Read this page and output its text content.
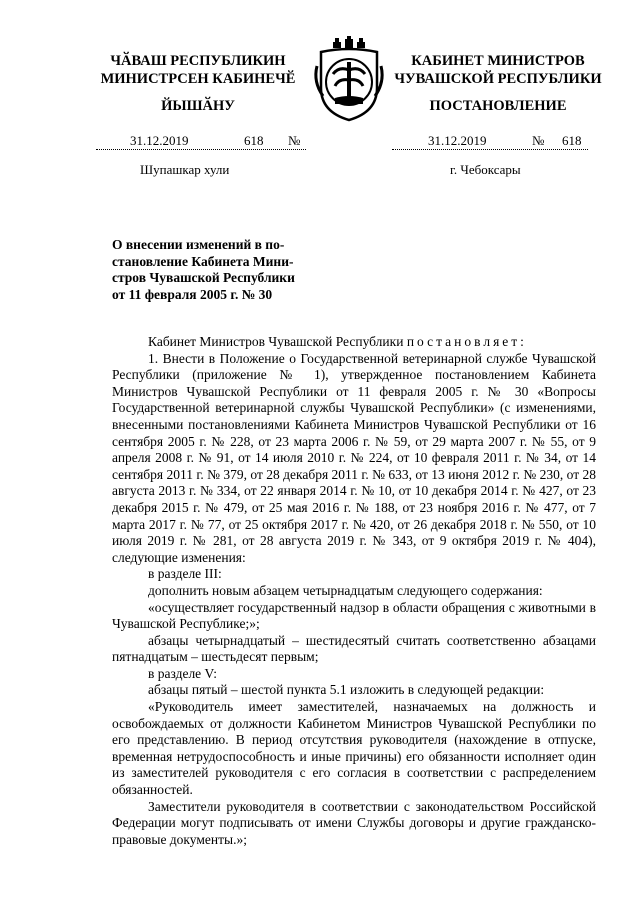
ЧӐВАШ РЕСПУБЛИКИН
МИНИСТРСЕН КАБИНЕЧӖ
ЙЫШӐНУ
КАБИНЕТ МИНИСТРОВ
ЧУВАШСКОЙ РЕСПУБЛИКИ
ПОСТАНОВЛЕНИЕ
31.12.2019	618 №	31.12.2019	№ 618
Шупашкар хули	г. Чебоксары
О внесении изменений в по-
становление Кабинета Мини-
стров Чувашской Республики
от 11 февраля 2005 г. № 30

Кабинет Министров Чувашской Республики постановляет:

1. Внести в Положение о Государственной ветеринарной службе Чувашской Республики (приложение № 1), утвержденное постановлением Кабинета Министров Чувашской Республики от 11 февраля 2005 г. № 30 «Вопросы Государственной ветеринарной службы Чувашской Республики» (с изменениями, внесенными постановлениями Кабинета Министров Чувашской Республики от 16 сентября 2005 г. № 228, от 23 марта 2006 г. № 59, от 29 марта 2007 г. № 55, от 9 апреля 2008 г. № 91, от 14 июля 2010 г. № 224, от 10 февраля 2011 г. № 34, от 14 сентября 2011 г. № 379, от 28 декабря 2011 г. № 633, от 13 июня 2012 г. № 230, от 28 августа 2013 г. № 334, от 22 января 2014 г. № 10, от 10 декабря 2014 г. № 427, от 23 декабря 2015 г. № 479, от 25 мая 2016 г. № 188, от 23 ноября 2016 г. № 477, от 7 марта 2017 г. № 77, от 25 октября 2017 г. № 420, от 26 декабря 2018 г. № 550, от 10 июля 2019 г. № 281, от 28 августа 2019 г. № 343, от 9 октября 2019 г. № 404), следующие изменения:

в разделе III:

дополнить новым абзацем четырнадцатым следующего содержания:

«осуществляет государственный надзор в области обращения с животными в Чувашской Республике;»;

абзацы четырнадцатый – шестидесятый считать соответственно абзацами пятнадцатым – шестьдесят первым;

в разделе V:

абзацы пятый – шестой пункта 5.1 изложить в следующей редакции:

«Руководитель имеет заместителей, назначаемых на должность и освобождаемых от должности Кабинетом Министров Чувашской Республики по его представлению. В период отсутствия руководителя (нахождение в отпуске, временная нетрудоспособность и иные причины) его обязанности исполняет один из заместителей руководителя с его согласия в соответствии с распределением обязанностей.

Заместители руководителя в соответствии с законодательством Российской Федерации могут подписывать от имени Службы договоры и другие гражданско-правовые документы.»;
